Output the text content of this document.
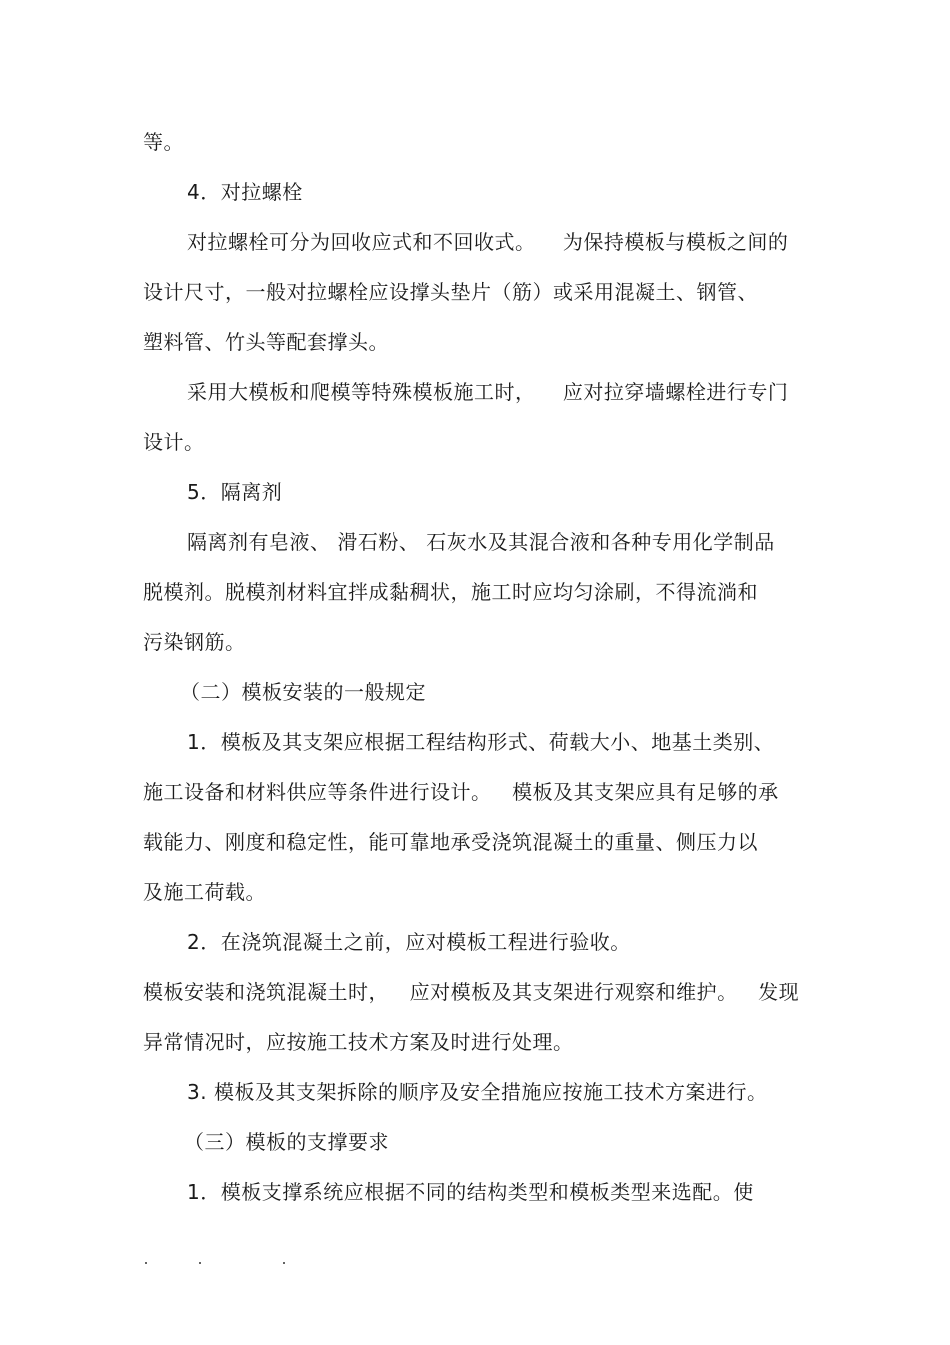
等。
4．对拉螺栓
对拉螺栓可分为回收应式和不回收式。    为保持模板与模板之间的
设计尺寸，一般对拉螺栓应设撑头垫片（筋）或采用混凝土、钢管、
塑料管、竹头等配套撑头。
采用大模板和爬模等特殊模板施工时，    应对拉穿墙螺栓进行专门
设计。
5．隔离剂
隔离剂有皂液、 滑石粉、 石灰水及其混合液和各种专用化学制品
脱模剂。脱模剂材料宜拌成黏稠状，施工时应均匀涂刷，不得流淌和
污染钢筋。
（二）模板安装的一般规定
1．模板及其支架应根据工程结构形式、荷载大小、地基土类别、
施工设备和材料供应等条件进行设计。   模板及其支架应具有足够的承
载能力、刚度和稳定性，能可靠地承受浇筑混凝土的重量、侧压力以
及施工荷载。
2．在浇筑混凝土之前，应对模板工程进行验收。
模板安装和浇筑混凝土时，   应对模板及其支架进行观察和维护。   发现
异常情况时，应按施工技术方案及时进行处理。
3. 模板及其支架拆除的顺序及安全措施应按施工技术方案进行。
（三）模板的支撑要求
1．模板支撑系统应根据不同的结构类型和模板类型来选配。使
